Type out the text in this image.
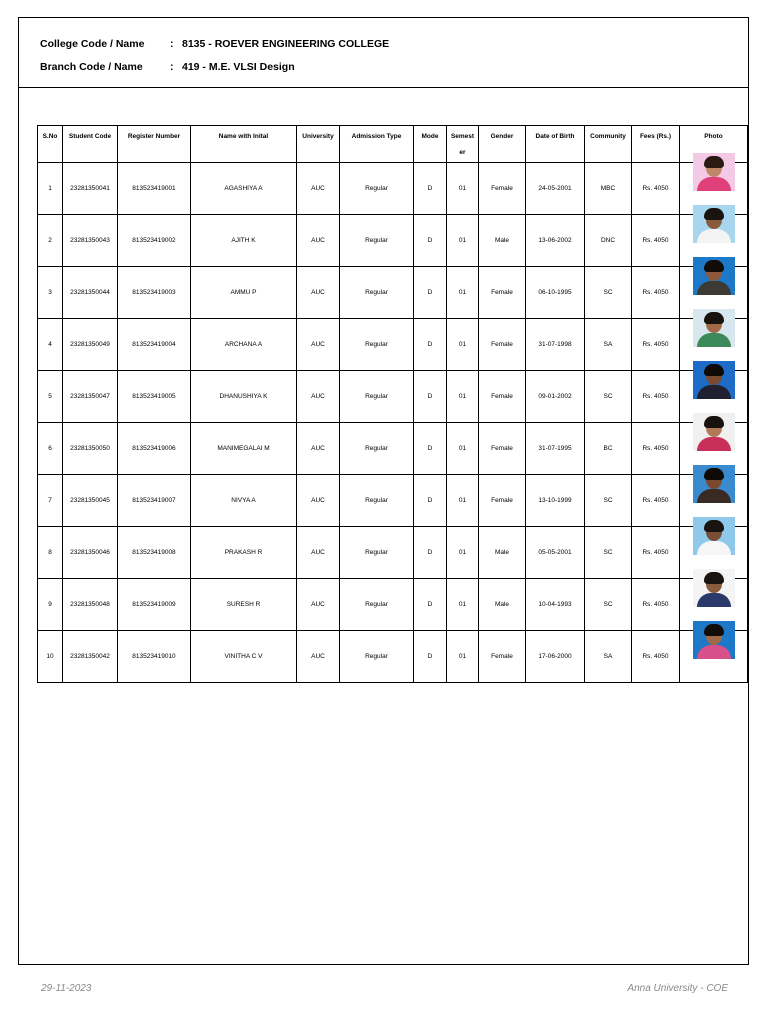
College Code / Name : 8135 - ROEVER ENGINEERING COLLEGE
Branch Code / Name	: 419 - M.E. VLSI Design
S.No	Student Code	Register Number	Name with Inital	University	Admission Type	Mode	Semest er	Gender	Date of Birth	Community	Fees (Rs.)	Photo
1	23281350041	813523419001	AGASHIYA A	AUC	Regular	D	01	Female	24-05-2001	MBC	Rs. 4050	

2	23281350043	813523419002	AJITH K	AUC	Regular	D	01	Male	13-06-2002	DNC	Rs. 4050	

3	23281350044	813523419003	AMMU P	AUC	Regular	D	01	Female	06-10-1995	SC	Rs. 4050	

4	23281350049	813523419004	ARCHANA A	AUC	Regular	D	01	Female	31-07-1998	SA	Rs. 4050	

5	23281350047	813523419005	DHANUSHIYA K	AUC	Regular	D	01	Female	09-01-2002	SC	Rs. 4050	

6	23281350050	813523419006	MANIMEGALAI M	AUC	Regular	D	01	Female	31-07-1995	BC	Rs. 4050	

7	23281350045	813523419007	NIVYA A	AUC	Regular	D	01	Female	13-10-1999	SC	Rs. 4050	

8	23281350046	813523419008	PRAKASH R	AUC	Regular	D	01	Male	05-05-2001	SC	Rs. 4050	

9	23281350048	813523419009	SURESH R	AUC	Regular	D	01	Male	10-04-1993	SC	Rs. 4050	

10	23281350042	813523419010	VINITHA C V	AUC	Regular	D	01	Female	17-06-2000	SA	Rs. 4050	
29-11-2023	Anna University - COE
